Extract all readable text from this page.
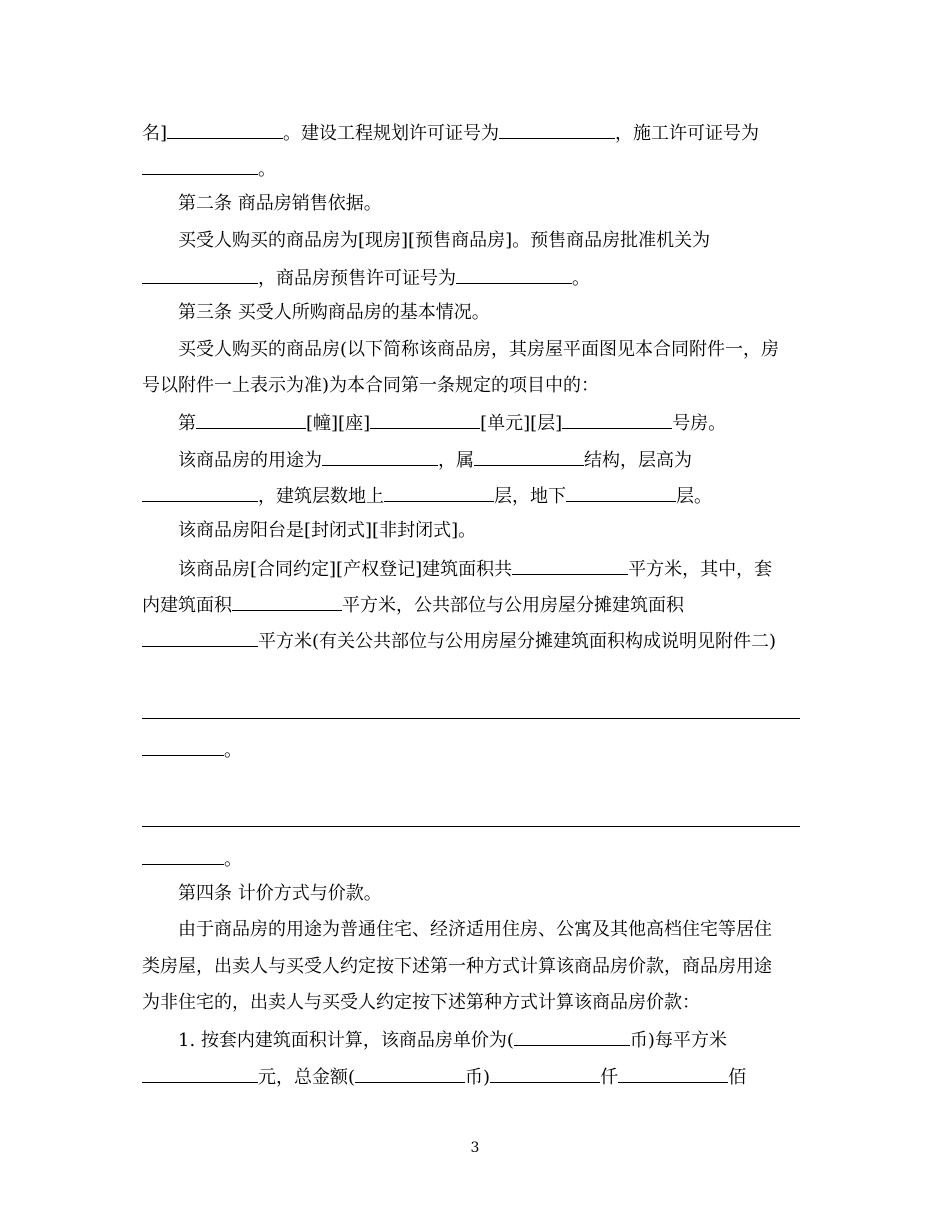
名]	。建设工程规划许可证号为	，施工许可证号为
。
第二条 商品房销售依据。
买受人购买的商品房为[现房][预售商品房]。预售商品房批准机关为
，商品房预售许可证号为	。
第三条 买受人所购商品房的基本情况。
买受人购买的商品房(以下简称该商品房，其房屋平面图见本合同附件一，房
号以附件一上表示为准)为本合同第一条规定的项目中的：
第	[幢][座]	[单元][层]	号房。
该商品房的用途为	，属	结构，层高为
，建筑层数地上	层，地下	层。
该商品房阳台是[封闭式][非封闭式]。
该商品房[合同约定][产权登记]建筑面积共	平方米，其中，套
内建筑面积	平方米，公共部位与公用房屋分摊建筑面积
平方米(有关公共部位与公用房屋分摊建筑面积构成说明见附件二)
。
。
第四条 计价方式与价款。
由于商品房的用途为普通住宅、经济适用住房、公寓及其他高档住宅等居住
类房屋，出卖人与买受人约定按下述第一种方式计算该商品房价款，商品房用途
为非住宅的，出卖人与买受人约定按下述第种方式计算该商品房价款：
1. 按套内建筑面积计算，该商品房单价为(	币)每平方米
元，总金额(	币)	仟	佰
3
